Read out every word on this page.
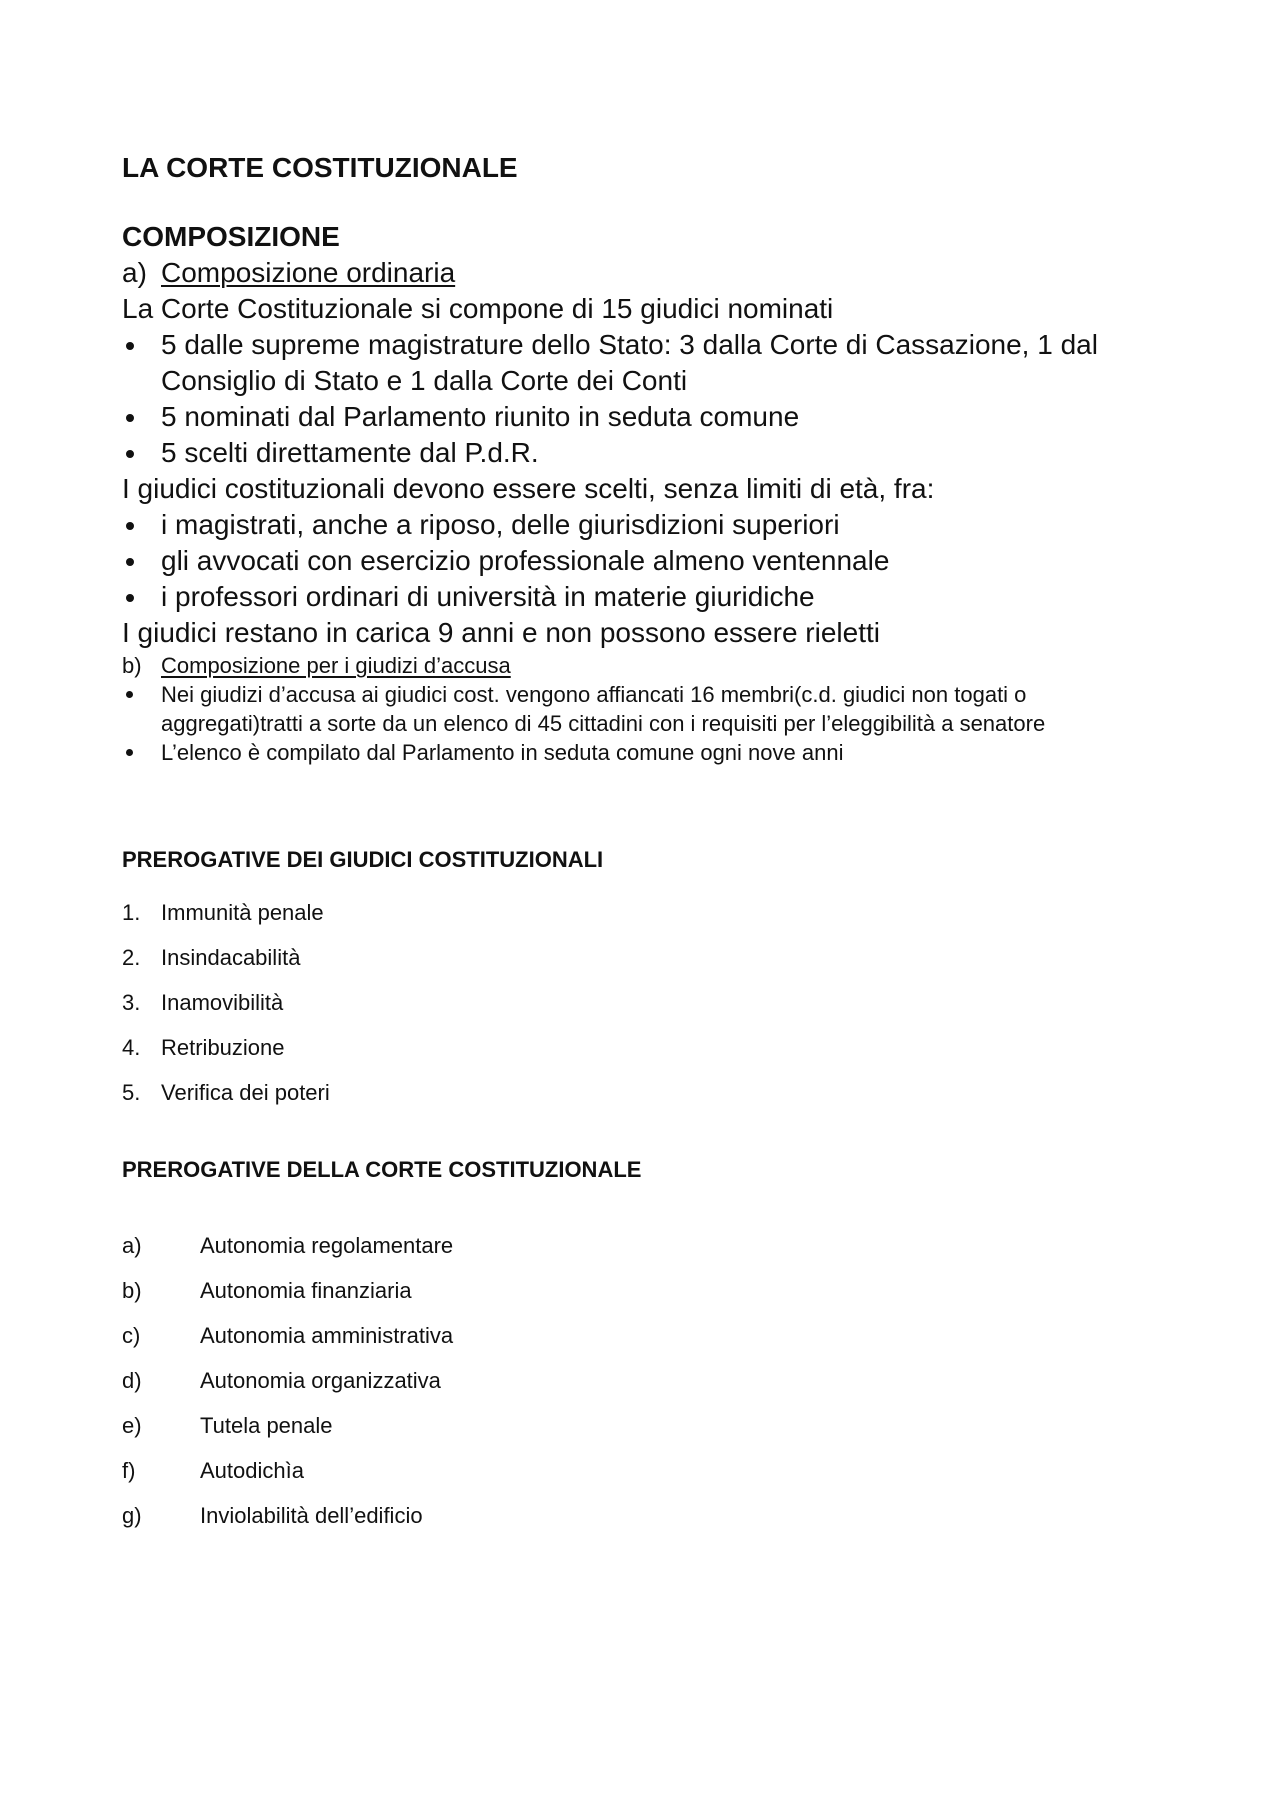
LA CORTE COSTITUZIONALE
COMPOSIZIONE
a) Composizione ordinaria
La Corte Costituzionale si compone di 15 giudici nominati
5 dalle supreme magistrature dello Stato: 3 dalla Corte di Cassazione, 1 dal Consiglio di Stato e 1 dalla Corte dei Conti
5 nominati dal Parlamento riunito in seduta comune
5 scelti direttamente dal P.d.R.
I giudici costituzionali devono essere scelti, senza limiti di età, fra:
i magistrati, anche a riposo, delle giurisdizioni superiori
gli avvocati con esercizio professionale almeno ventennale
i professori ordinari di università in materie giuridiche
I giudici restano in carica 9 anni e non possono essere rieletti
b) Composizione per i giudizi d’accusa
Nei giudizi d’accusa ai giudici cost. vengono affiancati 16 membri(c.d. giudici non togati o aggregati)tratti a sorte da un elenco di 45 cittadini con i requisiti per l’eleggibilità a senatore
L’elenco è compilato dal Parlamento in seduta comune ogni nove anni
PREROGATIVE DEI GIUDICI COSTITUZIONALI
1. Immunità penale
2. Insindacabilità
3. Inamovibilità
4. Retribuzione
5. Verifica dei poteri
PREROGATIVE DELLA CORTE COSTITUZIONALE
a)	Autonomia regolamentare
b)	Autonomia finanziaria
c)	Autonomia amministrativa
d)	Autonomia organizzativa
e)	Tutela penale
f)	Autodichìa
g)	Inviolabilità dell’edificio
